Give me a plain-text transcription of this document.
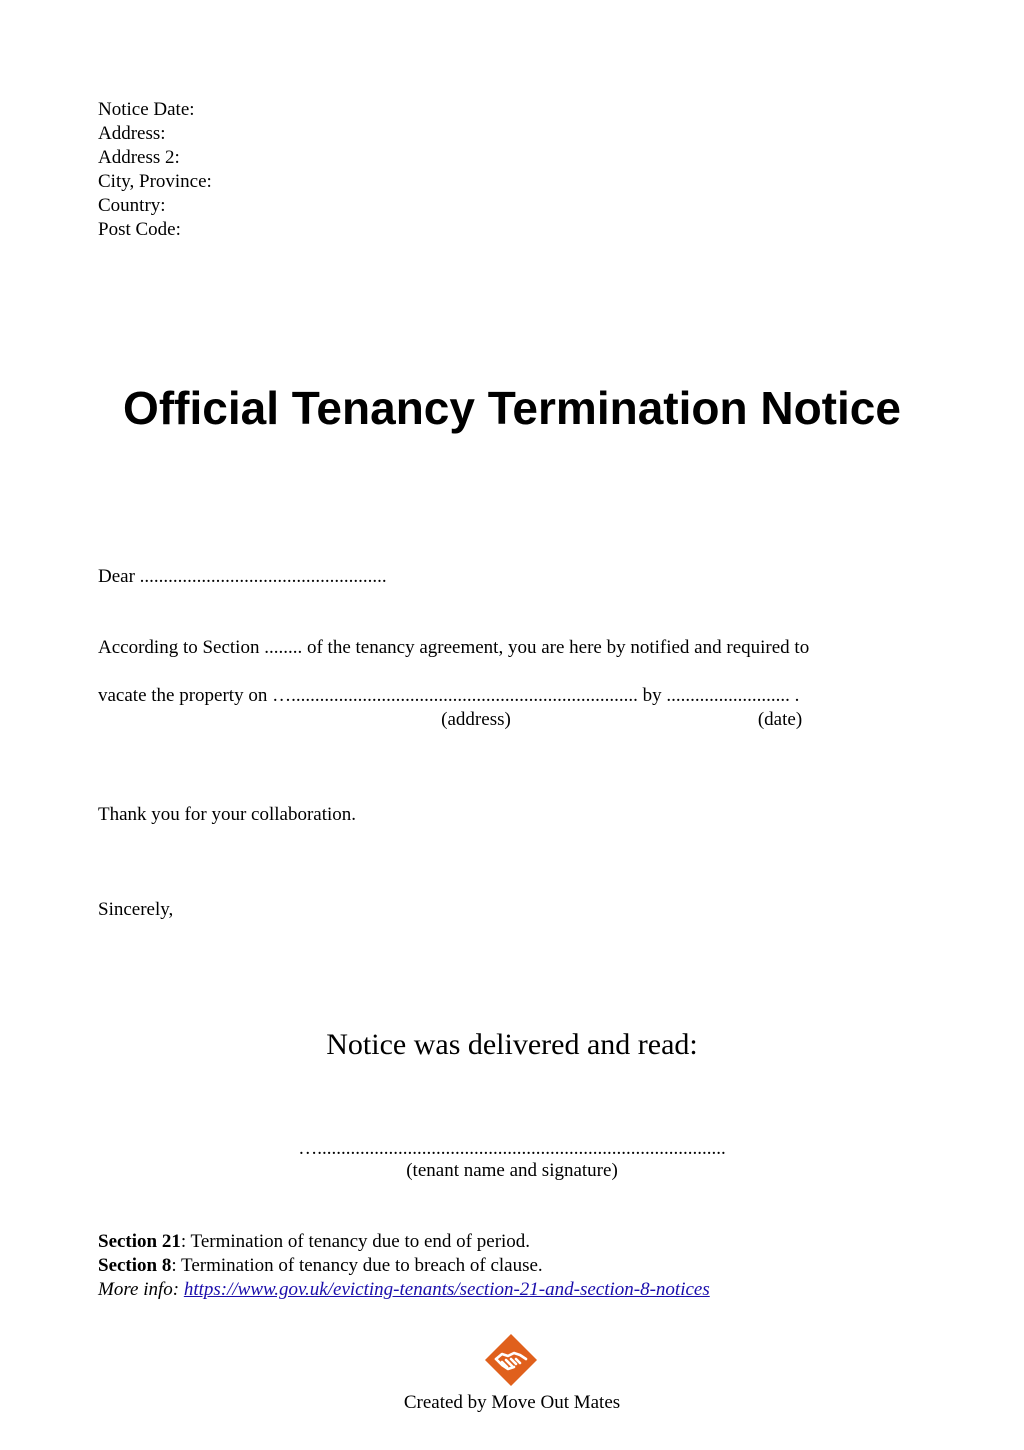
Notice Date:
Address:
Address 2:
City, Province:
Country:
Post Code:
Official Tenancy Termination Notice
Dear ....................................................
According to Section ........ of the tenancy agreement, you are here by notified and required to
vacate the property on …......................................................................... by .......................... .
(address)	(date)
Thank you for your collaboration.
Sincerely,
Notice was delivered and read:
…......................................................................................
(tenant name and signature)
Section 21: Termination of tenancy due to end of period.
Section 8: Termination of tenancy due to breach of clause.
More info: https://www.gov.uk/evicting-tenants/section-21-and-section-8-notices
Created by Move Out Mates
